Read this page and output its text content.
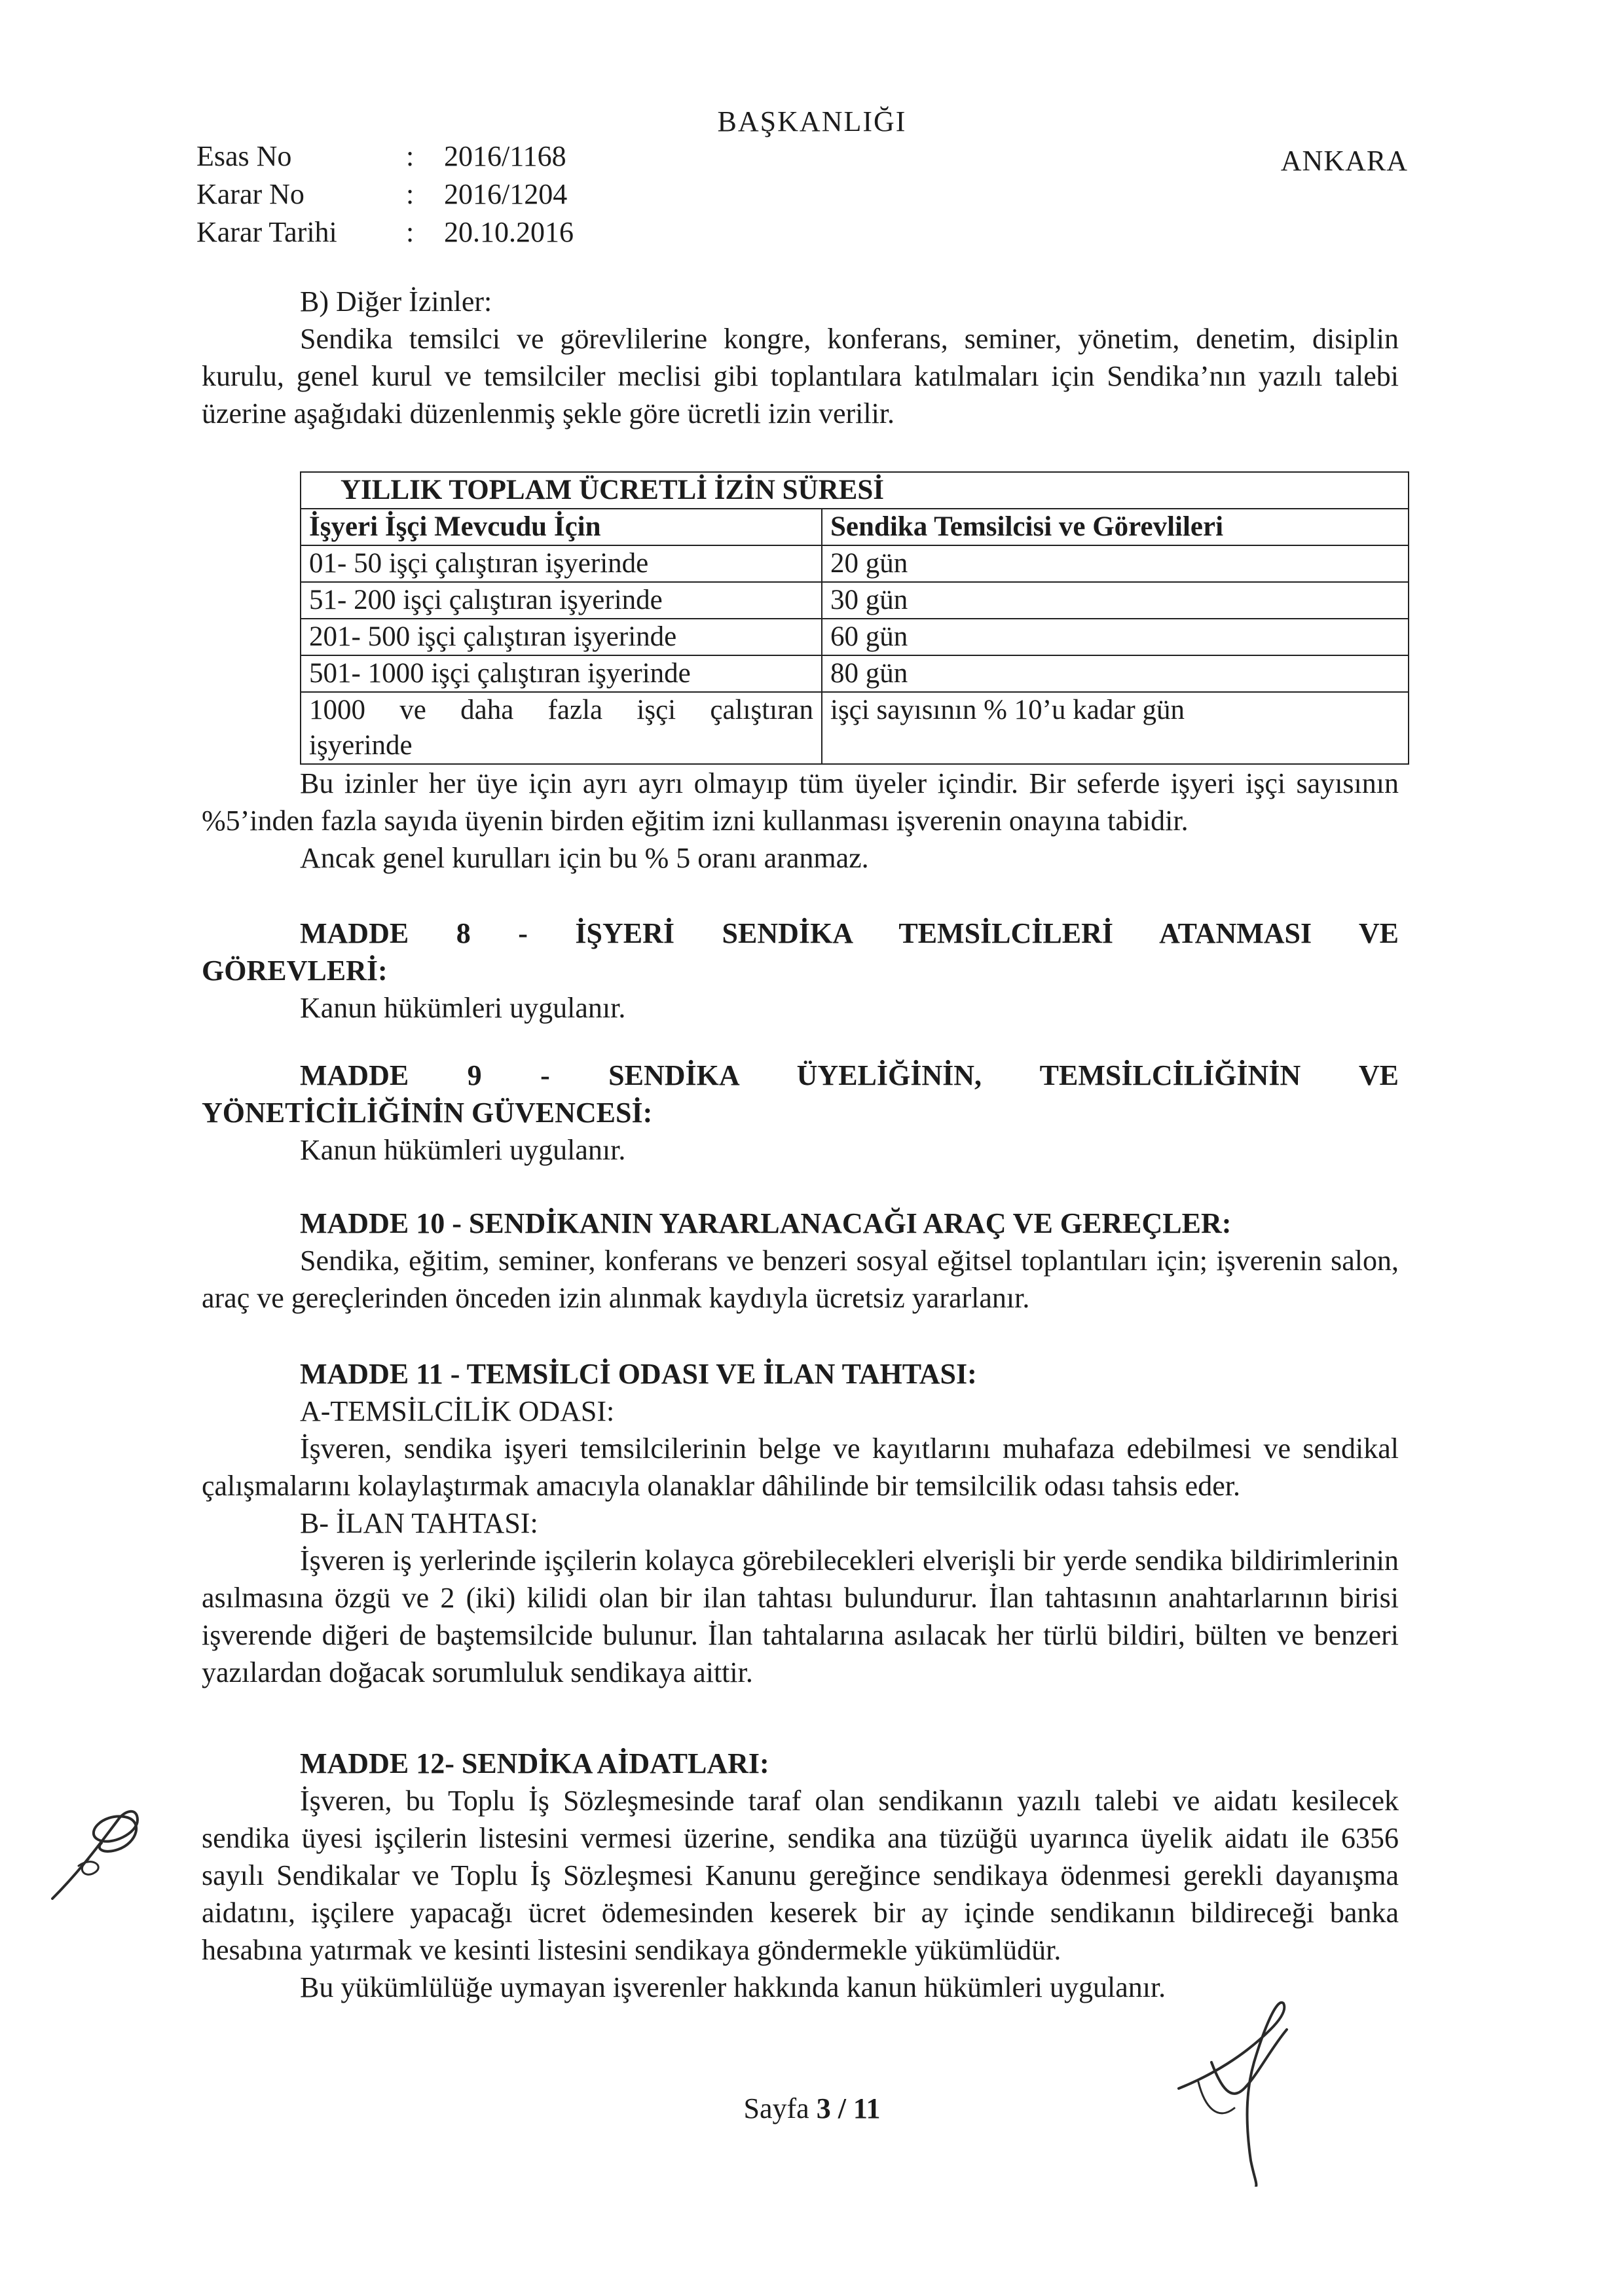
BAŞKANLIĞI
Esas No	:	2016/1168
Karar No	:	2016/1204
Karar Tarihi	:	20.10.2016
ANKARA

B) Diğer İzinler:

Sendika temsilci ve görevlilerine kongre, konferans, seminer, yönetim, denetim, disiplin kurulu, genel kurul ve temsilciler meclisi gibi toplantılara katılmaları için Sendika’nın yazılı talebi üzerine aşağıdaki düzenlenmiş şekle göre ücretli izin verilir.

YILLIK TOPLAM ÜCRETLİ İZİN SÜRESİ	
İşyeri İşçi Mevcudu İçin	Sendika Temsilcisi ve Görevlileri
01- 50 işçi çalıştıran işyerinde	20 gün
51- 200 işçi çalıştıran işyerinde	30 gün
201- 500 işçi çalıştıran işyerinde	60 gün
501- 1000 işçi çalıştıran işyerinde	80 gün

1000 ve daha fazla işçi çalıştıran
işyerinde	işçi sayısının % 10’u kadar gün

Bu izinler her üye için ayrı ayrı olmayıp tüm üyeler içindir. Bir seferde işyeri işçi sayısının %5’inden fazla sayıda üyenin birden eğitim izni kullanması işverenin onayına tabidir.

Ancak genel kurulları için bu % 5 oranı aranmaz.

MADDE 8 - İŞYERİ SENDİKA TEMSİLCİLERİ ATANMASI VE

GÖREVLERİ:

Kanun hükümleri uygulanır.

MADDE 9 - SENDİKA ÜYELİĞİNİN, TEMSİLCİLİĞİNİN VE

YÖNETİCİLİĞİNİN GÜVENCESİ:

Kanun hükümleri uygulanır.

MADDE 10 - SENDİKANIN YARARLANACAĞI ARAÇ VE GEREÇLER:

Sendika, eğitim, seminer, konferans ve benzeri sosyal eğitsel toplantıları için; işverenin salon, araç ve gereçlerinden önceden izin alınmak kaydıyla ücretsiz yararlanır.

MADDE 11 - TEMSİLCİ ODASI VE İLAN TAHTASI:

A-TEMSİLCİLİK ODASI:

İşveren, sendika işyeri temsilcilerinin belge ve kayıtlarını muhafaza edebilmesi ve sendikal çalışmalarını kolaylaştırmak amacıyla olanaklar dâhilinde bir temsilcilik odası tahsis eder.

B- İLAN TAHTASI:

İşveren iş yerlerinde işçilerin kolayca görebilecekleri elverişli bir yerde sendika bildirimlerinin asılmasına özgü ve 2 (iki) kilidi olan bir ilan tahtası bulundurur. İlan tahtasının anahtarlarının birisi işverende diğeri de baştemsilcide bulunur. İlan tahtalarına asılacak her türlü bildiri, bülten ve benzeri yazılardan doğacak sorumluluk sendikaya aittir.

MADDE 12- SENDİKA AİDATLARI:

İşveren, bu Toplu İş Sözleşmesinde taraf olan sendikanın yazılı talebi ve aidatı kesilecek sendika üyesi işçilerin listesini vermesi üzerine, sendika ana tüzüğü uyarınca üyelik aidatı ile 6356 sayılı Sendikalar ve Toplu İş Sözleşmesi Kanunu gereğince sendikaya ödenmesi gerekli dayanışma aidatını, işçilere yapacağı ücret ödemesinden keserek bir ay içinde sendikanın bildireceği banka hesabına yatırmak ve kesinti listesini sendikaya göndermekle yükümlüdür.

Bu yükümlülüğe uymayan işverenler hakkında kanun hükümleri uygulanır.

Sayfa 3 / 11
